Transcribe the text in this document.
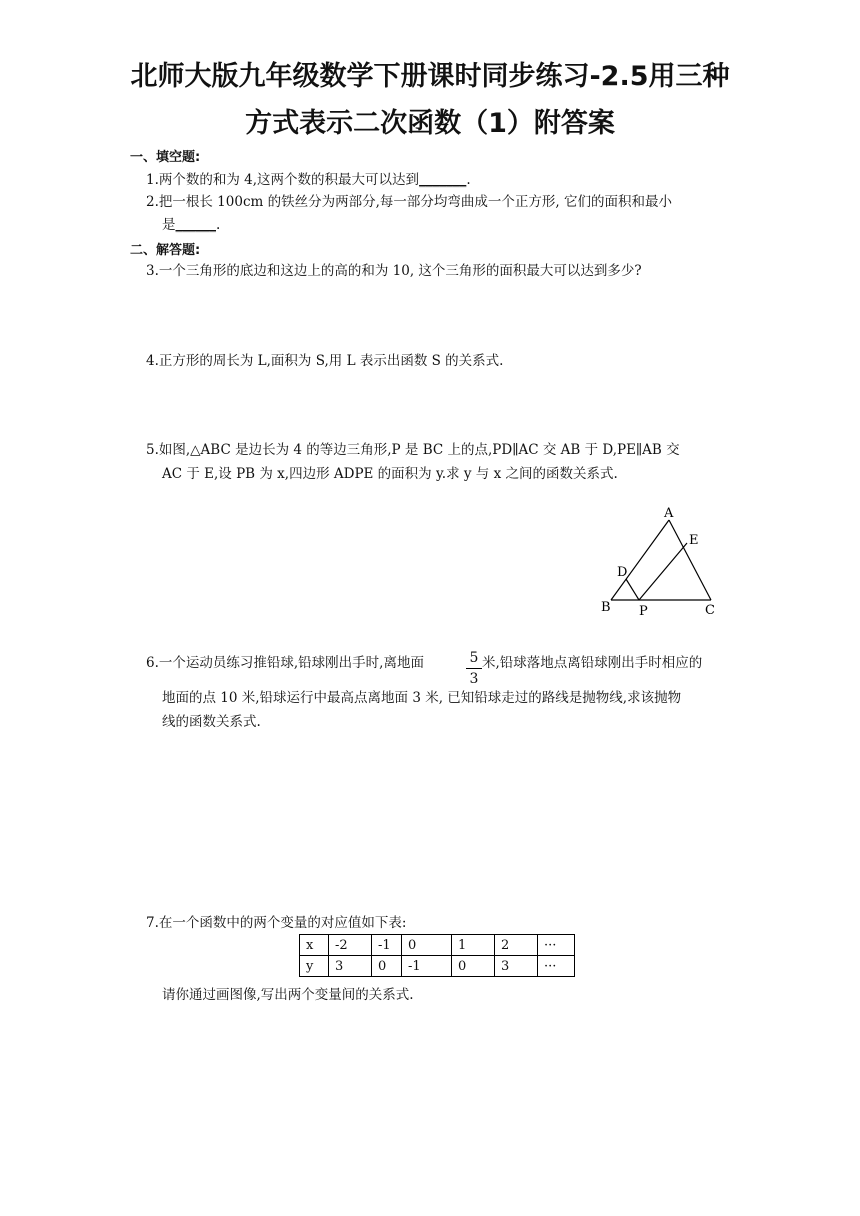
北师大版九年级数学下册课时同步练习-2.5用三种
方式表示二次函数（1）附答案
一、填空题:
1.两个数的和为 4,这两个数的积最大可以达到_______.
2.把一根长 100cm 的铁丝分为两部分,每一部分均弯曲成一个正方形, 它们的面积和最小
是______.
二、解答题:
3.一个三角形的底边和这边上的高的和为 10, 这个三角形的面积最大可以达到多少?
4.正方形的周长为 L,面积为 S,用 L 表示出函数 S 的关系式.
5.如图,△ABC 是边长为 4 的等边三角形,P 是 BC 上的点,PD∥AC 交 AB 于 D,PE∥AB 交
AC 于 E,设 PB 为 x,四边形 ADPE 的面积为 y.求 y 与 x 之间的函数关系式.
A
E
D
B P	C
6.一个运动员练习推铅球,铅球刚出手时,离地面	5
3
米,铅球落地点离铅球刚出手时相应的
地面的点 10 米,铅球运行中最高点离地面 3 米, 已知铅球走过的路线是抛物线,求该抛物
线的函数关系式.
7.在一个函数中的两个变量的对应值如下表:
x	-2	-1	0	1	2	···
y	3	0	-1	0	3	···
请你通过画图像,写出两个变量间的关系式.
